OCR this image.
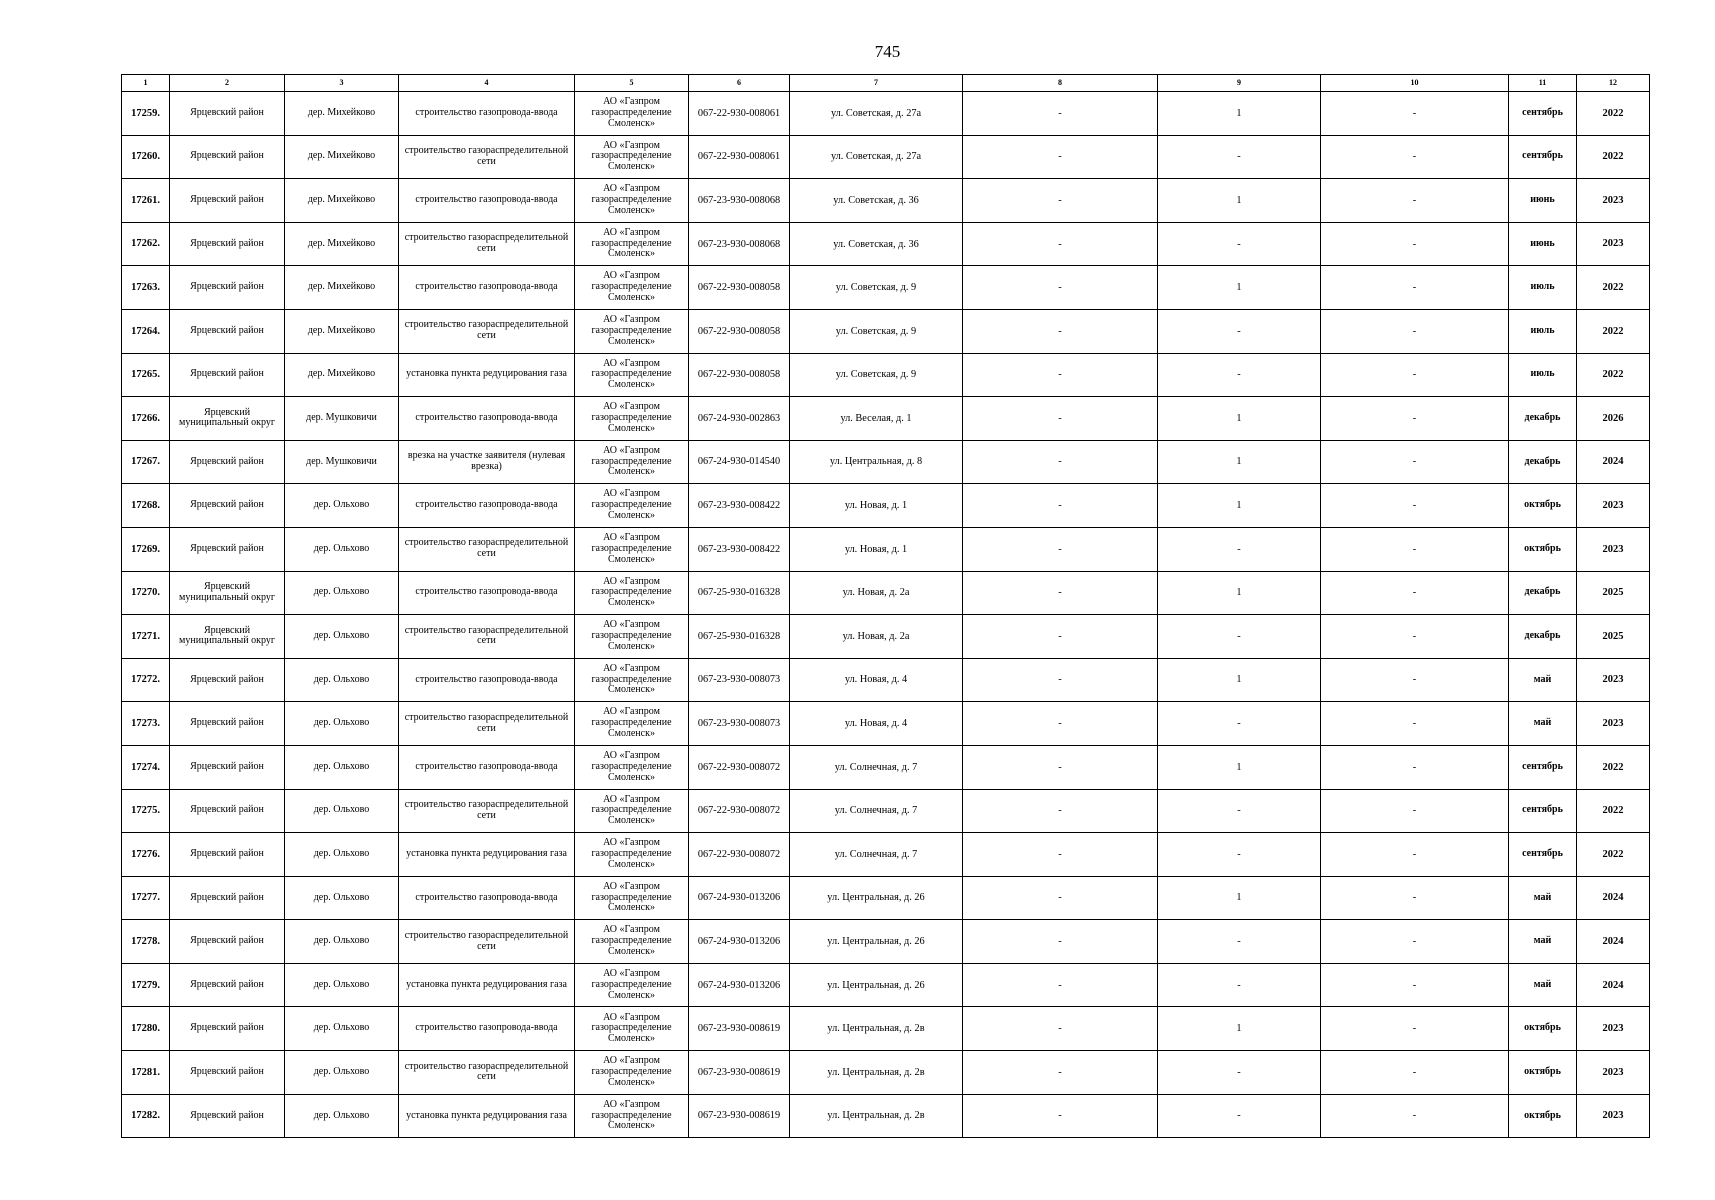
745
1	2	3	4	5	6	7	8	9	10	11	12
17259.	Ярцевский район	дер. Михейково	строительство газопровода-ввода	АО «Газпром
газораспределение
Смоленск»	067-22-930-008061	ул. Советская, д. 27а	-	1	-	сентябрь	2022
17260.	Ярцевский район	дер. Михейково	строительство газораспределительной сети	АО «Газпром
газораспределение
Смоленск»	067-22-930-008061	ул. Советская, д. 27а	-	-	-	сентябрь	2022
17261.	Ярцевский район	дер. Михейково	строительство газопровода-ввода	АО «Газпром
газораспределение
Смоленск»	067-23-930-008068	ул. Советская, д. 36	-	1	-	июнь	2023
17262.	Ярцевский район	дер. Михейково	строительство газораспределительной сети	АО «Газпром
газораспределение
Смоленск»	067-23-930-008068	ул. Советская, д. 36	-	-	-	июнь	2023
17263.	Ярцевский район	дер. Михейково	строительство газопровода-ввода	АО «Газпром
газораспределение
Смоленск»	067-22-930-008058	ул. Советская, д. 9	-	1	-	июль	2022
17264.	Ярцевский район	дер. Михейково	строительство газораспределительной сети	АО «Газпром
газораспределение
Смоленск»	067-22-930-008058	ул. Советская, д. 9	-	-	-	июль	2022
17265.	Ярцевский район	дер. Михейково	установка пункта редуцирования газа	АО «Газпром
газораспределение
Смоленск»	067-22-930-008058	ул. Советская, д. 9	-	-	-	июль	2022
17266.	Ярцевский муниципальный округ	дер. Мушковичи	строительство газопровода-ввода	АО «Газпром
газораспределение
Смоленск»	067-24-930-002863	ул. Веселая, д. 1	-	1	-	декабрь	2026
17267.	Ярцевский район	дер. Мушковичи	врезка на участке заявителя (нулевая врезка)	АО «Газпром
газораспределение
Смоленск»	067-24-930-014540	ул. Центральная, д. 8	-	1	-	декабрь	2024
17268.	Ярцевский район	дер. Ольхово	строительство газопровода-ввода	АО «Газпром
газораспределение
Смоленск»	067-23-930-008422	ул. Новая, д. 1	-	1	-	октябрь	2023
17269.	Ярцевский район	дер. Ольхово	строительство газораспределительной сети	АО «Газпром
газораспределение
Смоленск»	067-23-930-008422	ул. Новая, д. 1	-	-	-	октябрь	2023
17270.	Ярцевский муниципальный округ	дер. Ольхово	строительство газопровода-ввода	АО «Газпром
газораспределение
Смоленск»	067-25-930-016328	ул. Новая, д. 2а	-	1	-	декабрь	2025
17271.	Ярцевский муниципальный округ	дер. Ольхово	строительство газораспределительной сети	АО «Газпром
газораспределение
Смоленск»	067-25-930-016328	ул. Новая, д. 2а	-	-	-	декабрь	2025
17272.	Ярцевский район	дер. Ольхово	строительство газопровода-ввода	АО «Газпром
газораспределение
Смоленск»	067-23-930-008073	ул. Новая, д. 4	-	1	-	май	2023
17273.	Ярцевский район	дер. Ольхово	строительство газораспределительной сети	АО «Газпром
газораспределение
Смоленск»	067-23-930-008073	ул. Новая, д. 4	-	-	-	май	2023
17274.	Ярцевский район	дер. Ольхово	строительство газопровода-ввода	АО «Газпром
газораспределение
Смоленск»	067-22-930-008072	ул. Солнечная, д. 7	-	1	-	сентябрь	2022
17275.	Ярцевский район	дер. Ольхово	строительство газораспределительной сети	АО «Газпром
газораспределение
Смоленск»	067-22-930-008072	ул. Солнечная, д. 7	-	-	-	сентябрь	2022
17276.	Ярцевский район	дер. Ольхово	установка пункта редуцирования газа	АО «Газпром
газораспределение
Смоленск»	067-22-930-008072	ул. Солнечная, д. 7	-	-	-	сентябрь	2022
17277.	Ярцевский район	дер. Ольхово	строительство газопровода-ввода	АО «Газпром
газораспределение
Смоленск»	067-24-930-013206	ул. Центральная, д. 26	-	1	-	май	2024
17278.	Ярцевский район	дер. Ольхово	строительство газораспределительной сети	АО «Газпром
газораспределение
Смоленск»	067-24-930-013206	ул. Центральная, д. 26	-	-	-	май	2024
17279.	Ярцевский район	дер. Ольхово	установка пункта редуцирования газа	АО «Газпром
газораспределение
Смоленск»	067-24-930-013206	ул. Центральная, д. 26	-	-	-	май	2024
17280.	Ярцевский район	дер. Ольхово	строительство газопровода-ввода	АО «Газпром
газораспределение
Смоленск»	067-23-930-008619	ул. Центральная, д. 2в	-	1	-	октябрь	2023
17281.	Ярцевский район	дер. Ольхово	строительство газораспределительной сети	АО «Газпром
газораспределение
Смоленск»	067-23-930-008619	ул. Центральная, д. 2в	-	-	-	октябрь	2023
17282.	Ярцевский район	дер. Ольхово	установка пункта редуцирования газа	АО «Газпром
газораспределение
Смоленск»	067-23-930-008619	ул. Центральная, д. 2в	-	-	-	октябрь	2023
